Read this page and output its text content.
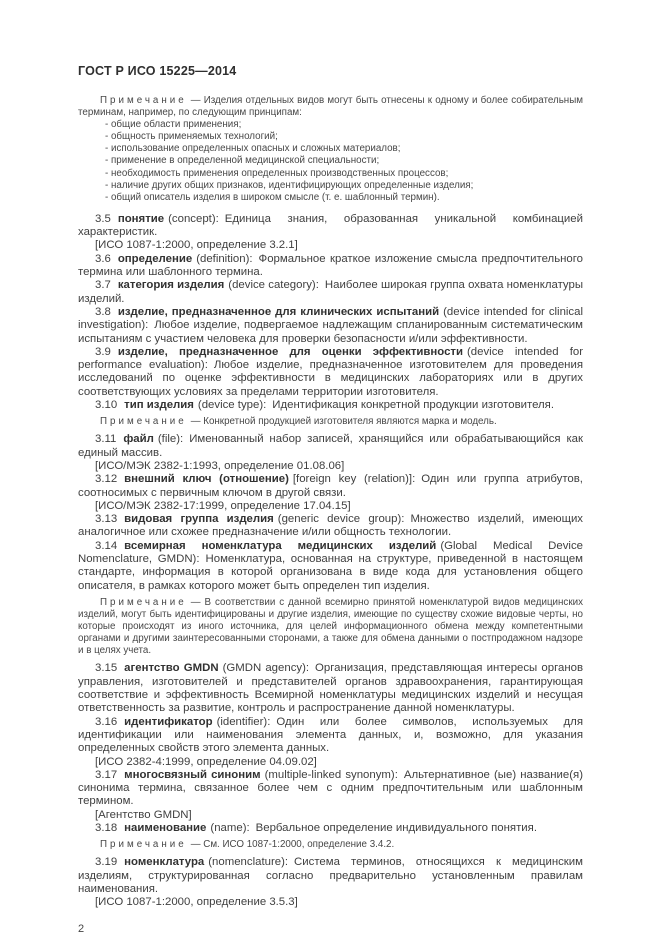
ГОСТ Р ИСО 15225—2014

Примечание — Изделия отдельных видов могут быть отнесены к одному и более собирательным терминам, например, по следующим принципам:

- общие области применения;

- общность применяемых технологий;

- использование определенных опасных и сложных материалов;

- применение в определенной медицинской специальности;

- необходимость применения определенных производственных процессов;

- наличие других общих признаков, идентифицирующих определенные изделия;

- общий описатель изделия в широком смысле (т. е. шаблонный термин).

3.5 понятие (concept): Единица знания, образованная уникальной комбинацией характеристик.

[ИСО 1087-1:2000, определение 3.2.1]

3.6 определение (definition): Формальное краткое изложение смысла предпочтительного термина или шаблонного термина.

3.7 категория изделия (device category): Наиболее широкая группа охвата номенклатуры изделий.

3.8 изделие, предназначенное для клинических испытаний (device intended for clinical investigation): Любое изделие, подвергаемое надлежащим спланированным систематическим испытаниям с участием человека для проверки безопасности и/или эффективности.

3.9 изделие, предназначенное для оценки эффективности (device intended for performance evaluation): Любое изделие, предназначенное изготовителем для проведения исследований по оценке эффективности в медицинских лабораториях или в других соответствующих условиях за пределами территории изготовителя.

3.10 тип изделия (device type): Идентификация конкретной продукции изготовителя.

Примечание — Конкретной продукцией изготовителя являются марка и модель.

3.11 файл (file): Именованный набор записей, хранящийся или обрабатывающийся как единый массив.

[ИСО/МЭК 2382-1:1993, определение 01.08.06]

3.12 внешний ключ (отношение) [foreign key (relation)]: Один или группа атрибутов, соотносимых с первичным ключом в другой связи.

[ИСО/МЭК 2382-17:1999, определение 17.04.15]

3.13 видовая группа изделия (generic device group): Множество изделий, имеющих аналогичное или схожее предназначение и/или общность технологии.

3.14 всемирная номенклатура медицинских изделий (Global Medical Device Nomenclature, GMDN): Номенклатура, основанная на структуре, приведенной в настоящем стандарте, информация в которой организована в виде кода для установления общего описателя, в рамках которого может быть определен тип изделия.

Примечание — В соответствии с данной всемирно принятой номенклатурой видов медицинских изделий, могут быть идентифицированы и другие изделия, имеющие по существу схожие видовые черты, но которые происходят из иного источника, для целей информационного обмена между компетентными органами и другими заинтересованными сторонами, а также для обмена данными о постпродажном надзоре и в целях учета.

3.15 агентство GMDN (GMDN agency): Организация, представляющая интересы органов управления, изготовителей и представителей органов здравоохранения, гарантирующая соответствие и эффективность Всемирной номенклатуры медицинских изделий и несущая ответственность за развитие, контроль и распространение данной номенклатуры.

3.16 идентификатор (identifier): Один или более символов, используемых для идентификации или наименования элемента данных, и, возможно, для указания определенных свойств этого элемента данных.

[ИСО 2382-4:1999, определение 04.09.02]

3.17 многосвязный синоним (multiple-linked synonym): Альтернативное (ые) название(я) синонима термина, связанное более чем с одним предпочтительным или шаблонным термином.

[Агентство GMDN]

3.18 наименование (name): Вербальное определение индивидуального понятия.

Примечание — См. ИСО 1087-1:2000, определение 3.4.2.

3.19 номенклатура (nomenclature): Система терминов, относящихся к медицинским изделиям, структурированная согласно предварительно установленным правилам наименования.

[ИСО 1087-1:2000, определение 3.5.3]

2
